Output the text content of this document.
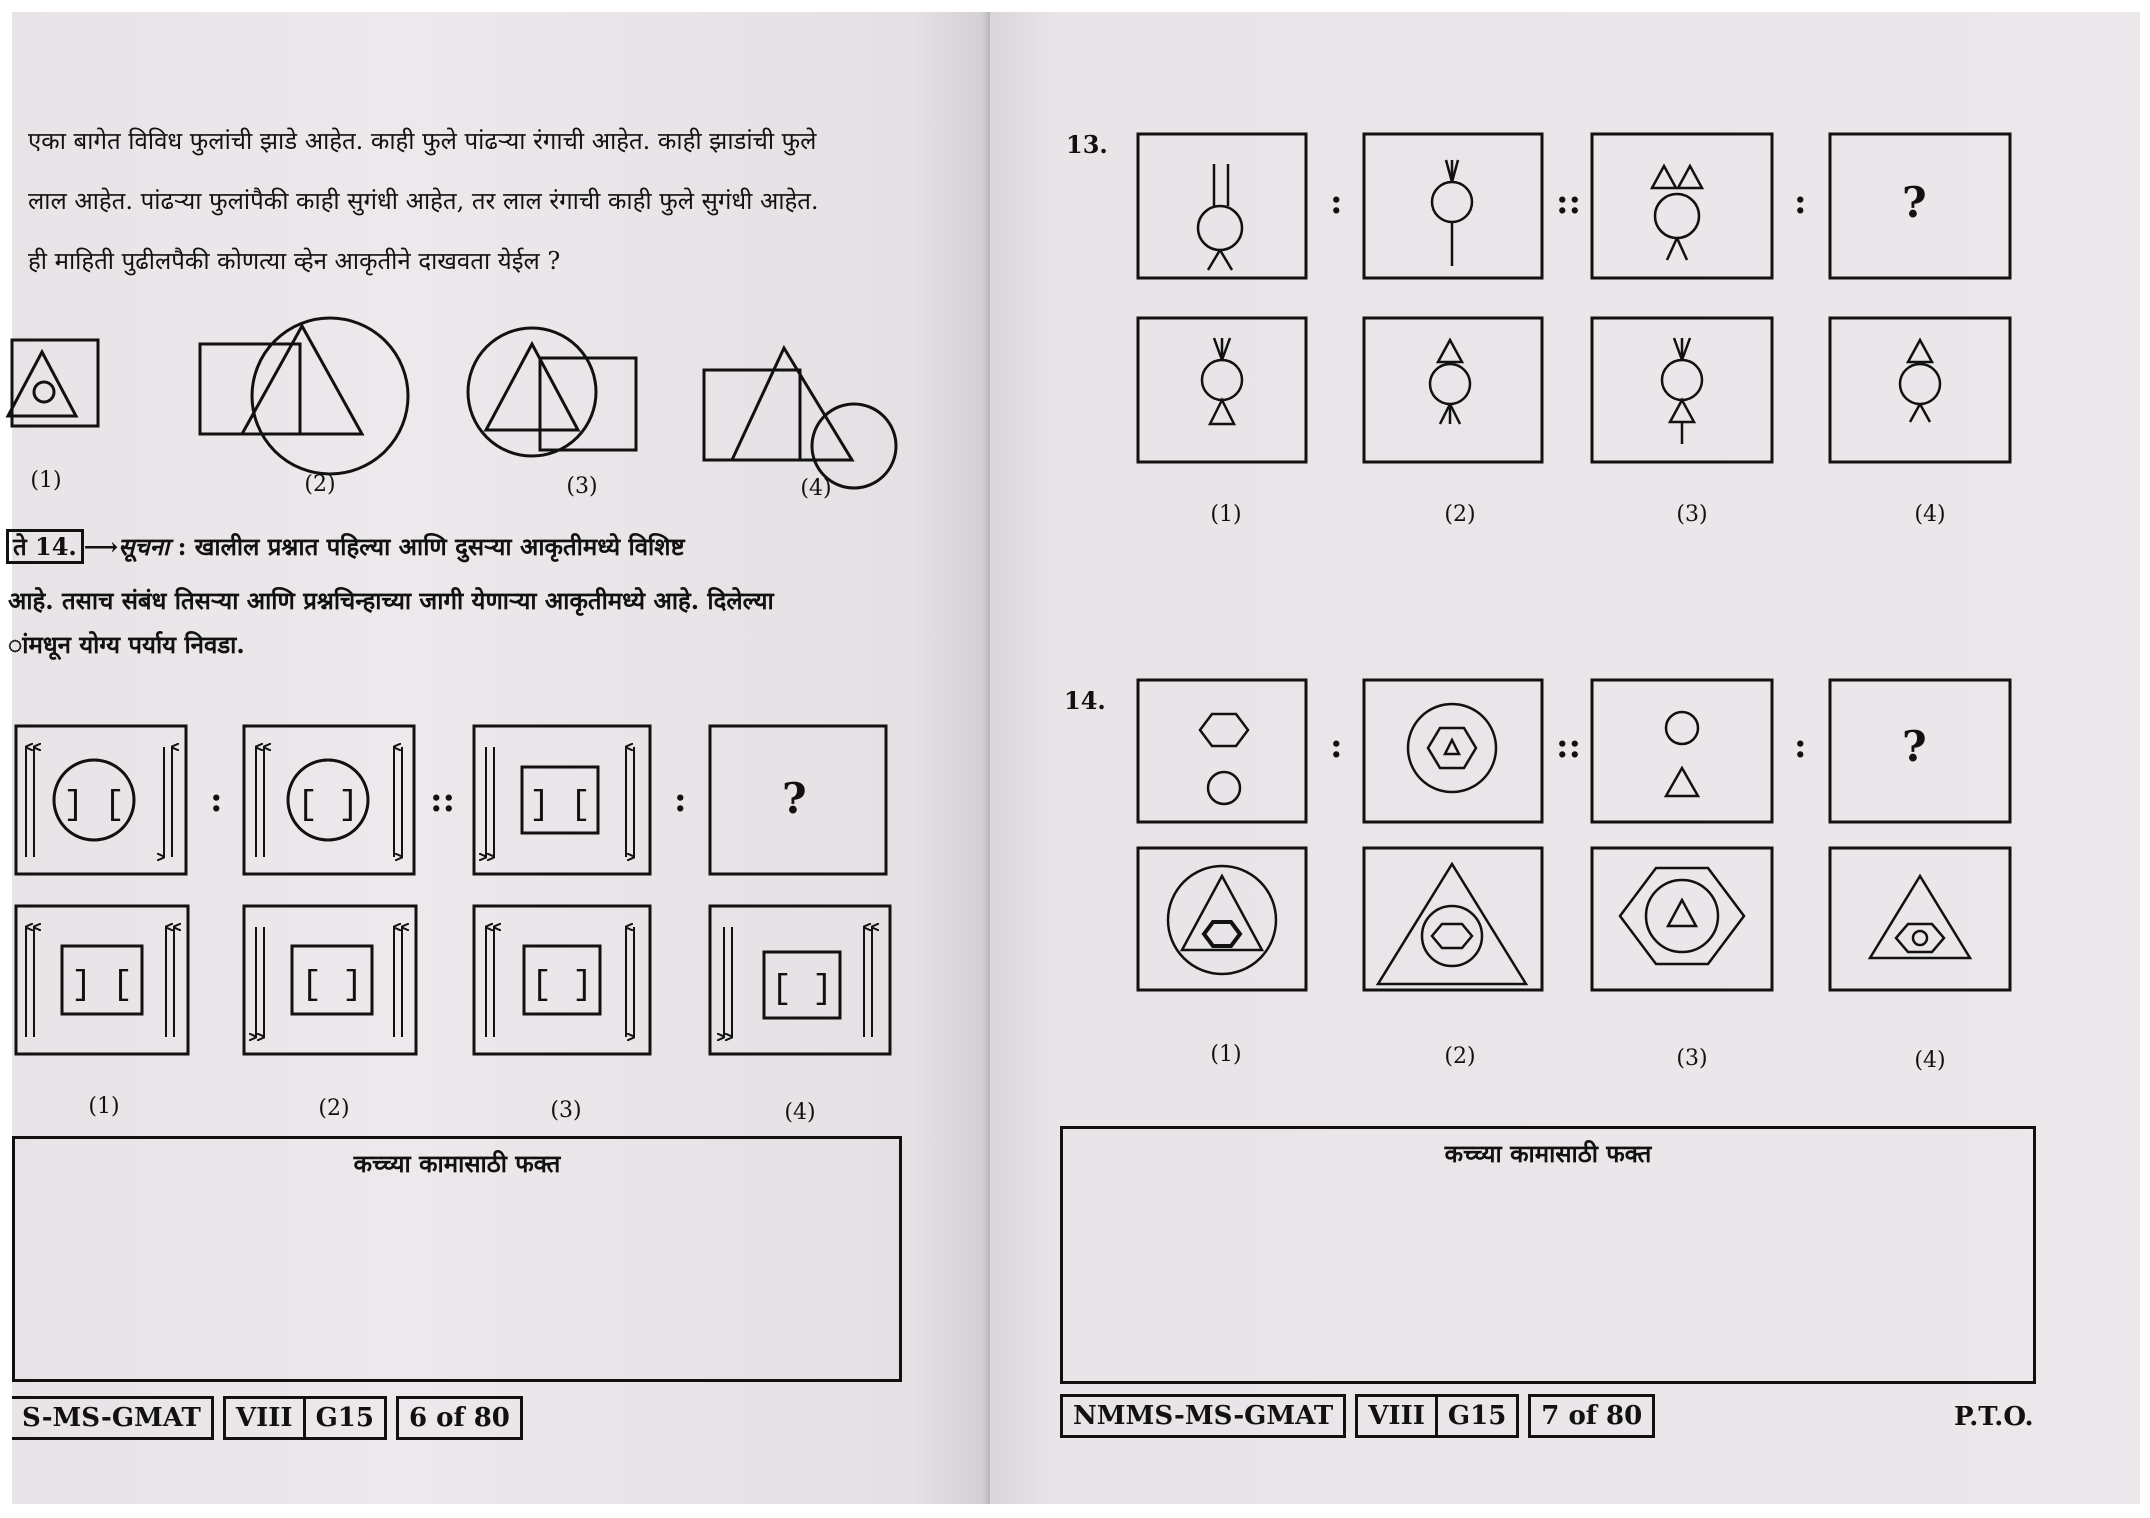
एका बागेत विविध फुलांची झाडे आहेत. काही फुले पांढऱ्या रंगाची आहेत. काही झाडांची फुले
लाल आहेत. पांढऱ्या फुलांपैकी काही सुगंधी आहेत, तर लाल रंगाची काही फुले सुगंधी आहेत.
ही माहिती पुढीलपैकी कोणत्या व्हेन आकृतीने दाखवता येईल ?
(1)	(2)	(3)	(4)
ते 14. ⟶सूचना : खालील प्रश्नात पहिल्या आणि दुसऱ्या आकृतीमध्ये विशिष्ट
आहे. तसाच संबंध तिसऱ्या आणि प्रश्नचिन्हाच्या जागी येणाऱ्या आकृतीमध्ये आहे. दिलेल्या
ांमधून योग्य पर्याय निवडा.
] [	[ ]	] [
] [	[ ]	[ ]	[ ]
:	::	: ?
(1)	(2)	(3)	(4)
कच्च्या कामासाठी फक्त
S-MS-GMAT	VIII G15	6 of 80
13.
:	::	: ?
(1)	(2)	(3)	(4)
14.
:	::	: ?
(1)	(2)	(3)	(4)
कच्च्या कामासाठी फक्त
NMMS-MS-GMAT	VIII G15	7 of 80	P.T.O.
